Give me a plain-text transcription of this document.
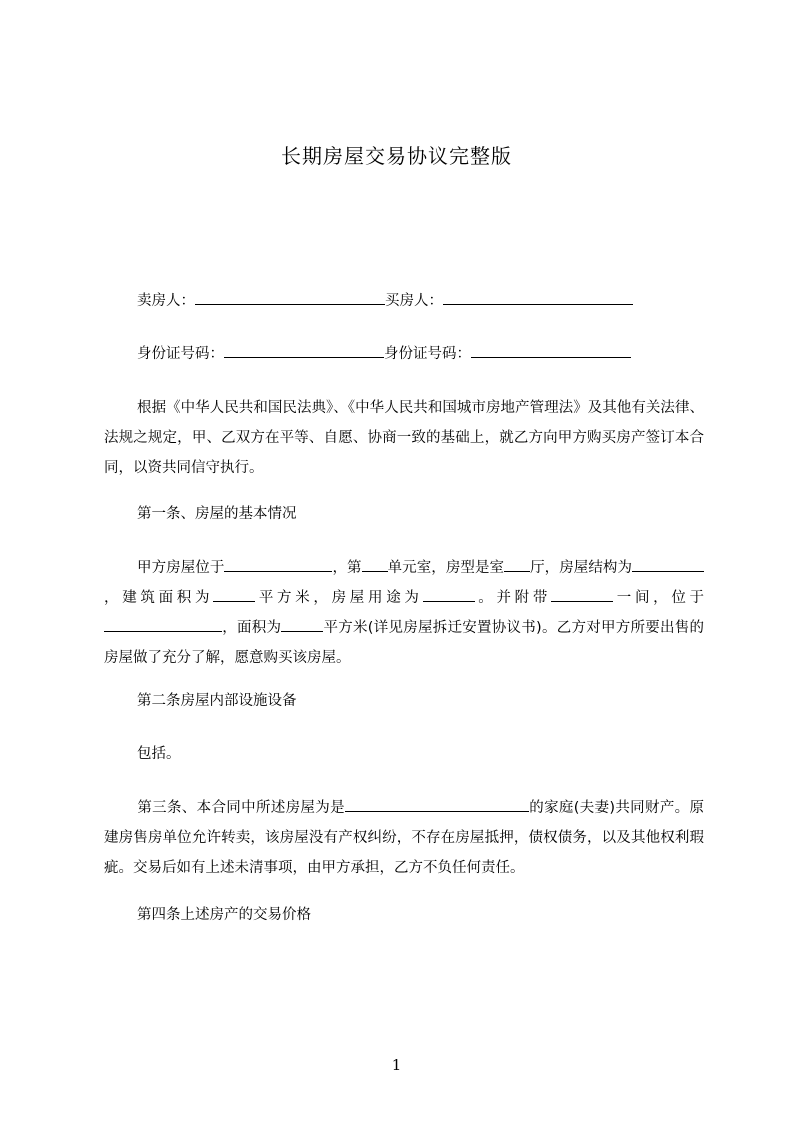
长期房屋交易协议完整版
卖房人：	买房人：
身份证号码：	身份证号码：
根据《中华人民共和国民法典》、《中华人民共和国城市房地产管理法》及其他有关法律、法规之规定，甲、乙双方在平等、自愿、协商一致的基础上，就乙方向甲方购买房产签订本合同，以资共同信守执行。
第一条、房屋的基本情况
甲方房屋位于	，第 单元室，房型是室 厅，房屋结构为，建筑面积为	平方米，房屋用途为	。并附带	一间，位于，面积为	平方米(详见房屋拆迁安置协议书)。乙方对甲方所要出售的房屋做了充分了解，愿意购买该房屋。
第二条房屋内部设施设备
包括。
第三条、本合同中所述房屋为是	的家庭(夫妻)共同财产。原建房售房单位允许转卖，该房屋没有产权纠纷，不存在房屋抵押，债权债务，以及其他权利瑕疵。交易后如有上述未清事项，由甲方承担，乙方不负任何责任。
第四条上述房产的交易价格
1
